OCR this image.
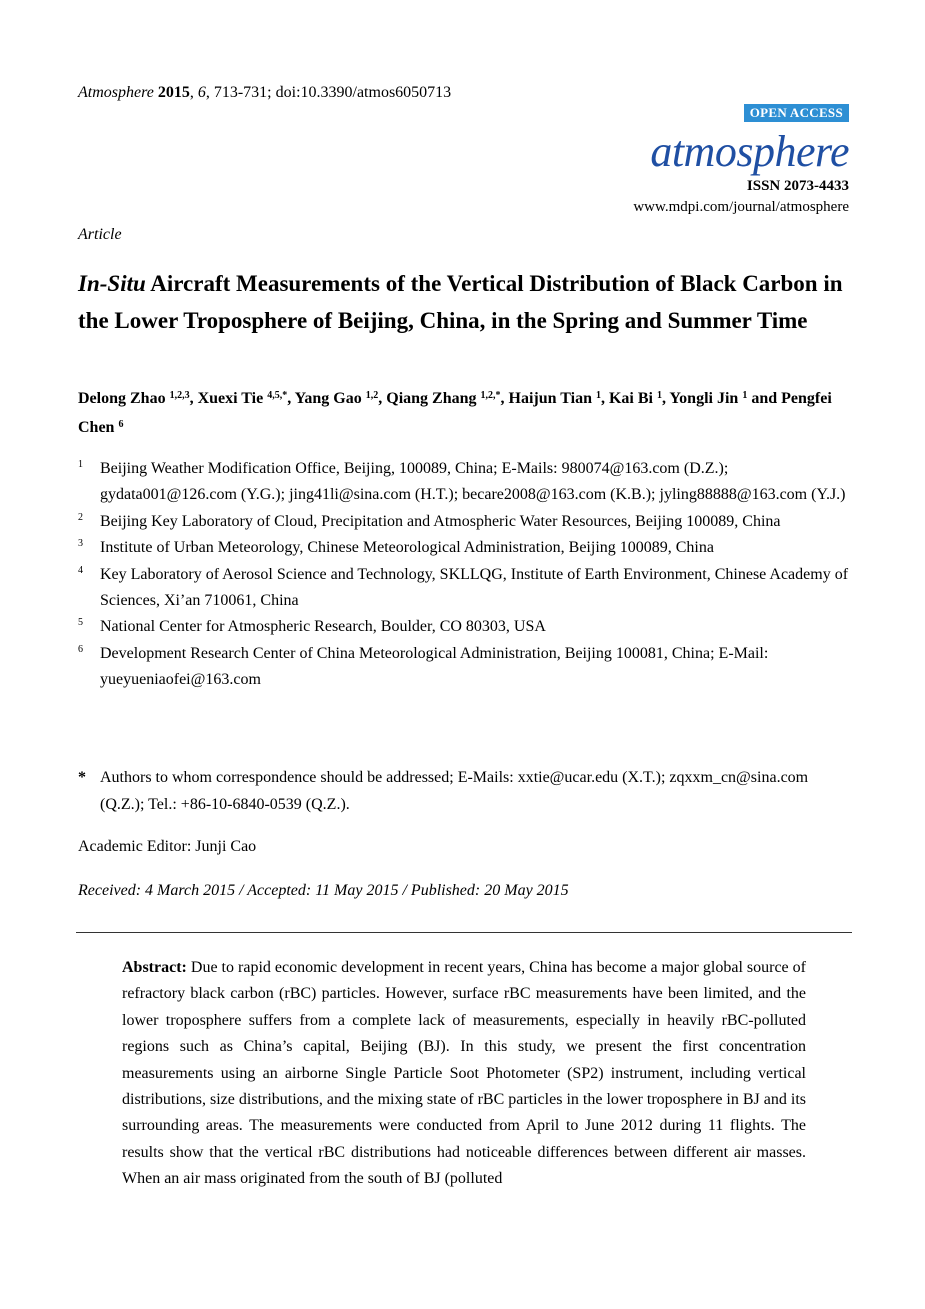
Atmosphere 2015, 6, 713-731; doi:10.3390/atmos6050713
OPEN ACCESS
atmosphere
ISSN 2073-4433
www.mdpi.com/journal/atmosphere
Article
In-Situ Aircraft Measurements of the Vertical Distribution of Black Carbon in the Lower Troposphere of Beijing, China, in the Spring and Summer Time
Delong Zhao $^{1,2,3}$, Xuexi Tie $^{4,5,*}$, Yang Gao $^{1,2}$, Qiang Zhang $^{1,2,*}$, Haijun Tian $^1$, Kai Bi $^1$, Yongli Jin $^1$ and Pengfei Chen $^6$
1 Beijing Weather Modification Office, Beijing, 100089, China; E-Mails: 980074@163.com (D.Z.); gydata001@126.com (Y.G.); jing41li@sina.com (H.T.); becare2008@163.com (K.B.); jyling88888@163.com (Y.J.)
2 Beijing Key Laboratory of Cloud, Precipitation and Atmospheric Water Resources, Beijing 100089, China
3 Institute of Urban Meteorology, Chinese Meteorological Administration, Beijing 100089, China
4 Key Laboratory of Aerosol Science and Technology, SKLLQG, Institute of Earth Environment, Chinese Academy of Sciences, Xi’an 710061, China
5 National Center for Atmospheric Research, Boulder, CO 80303, USA
6 Development Research Center of China Meteorological Administration, Beijing 100081, China; E-Mail: yueyueniaofei@163.com
* Authors to whom correspondence should be addressed; E-Mails: xxtie@ucar.edu (X.T.); zqxxm_cn@sina.com (Q.Z.); Tel.: +86-10-6840-0539 (Q.Z.).
Academic Editor: Junji Cao
Received: 4 March 2015 / Accepted: 11 May 2015 / Published: 20 May 2015

Abstract: Due to rapid economic development in recent years, China has become a major global source of refractory black carbon (rBC) particles. However, surface rBC measurements have been limited, and the lower troposphere suffers from a complete lack of measurements, especially in heavily rBC-polluted regions such as China’s capital, Beijing (BJ). In this study, we present the first concentration measurements using an airborne Single Particle Soot Photometer (SP2) instrument, including vertical distributions, size distributions, and the mixing state of rBC particles in the lower troposphere in BJ and its surrounding areas. The measurements were conducted from April to June 2012 during 11 flights. The results show that the vertical rBC distributions had noticeable differences between different air masses. When an air mass originated from the south of BJ (polluted
